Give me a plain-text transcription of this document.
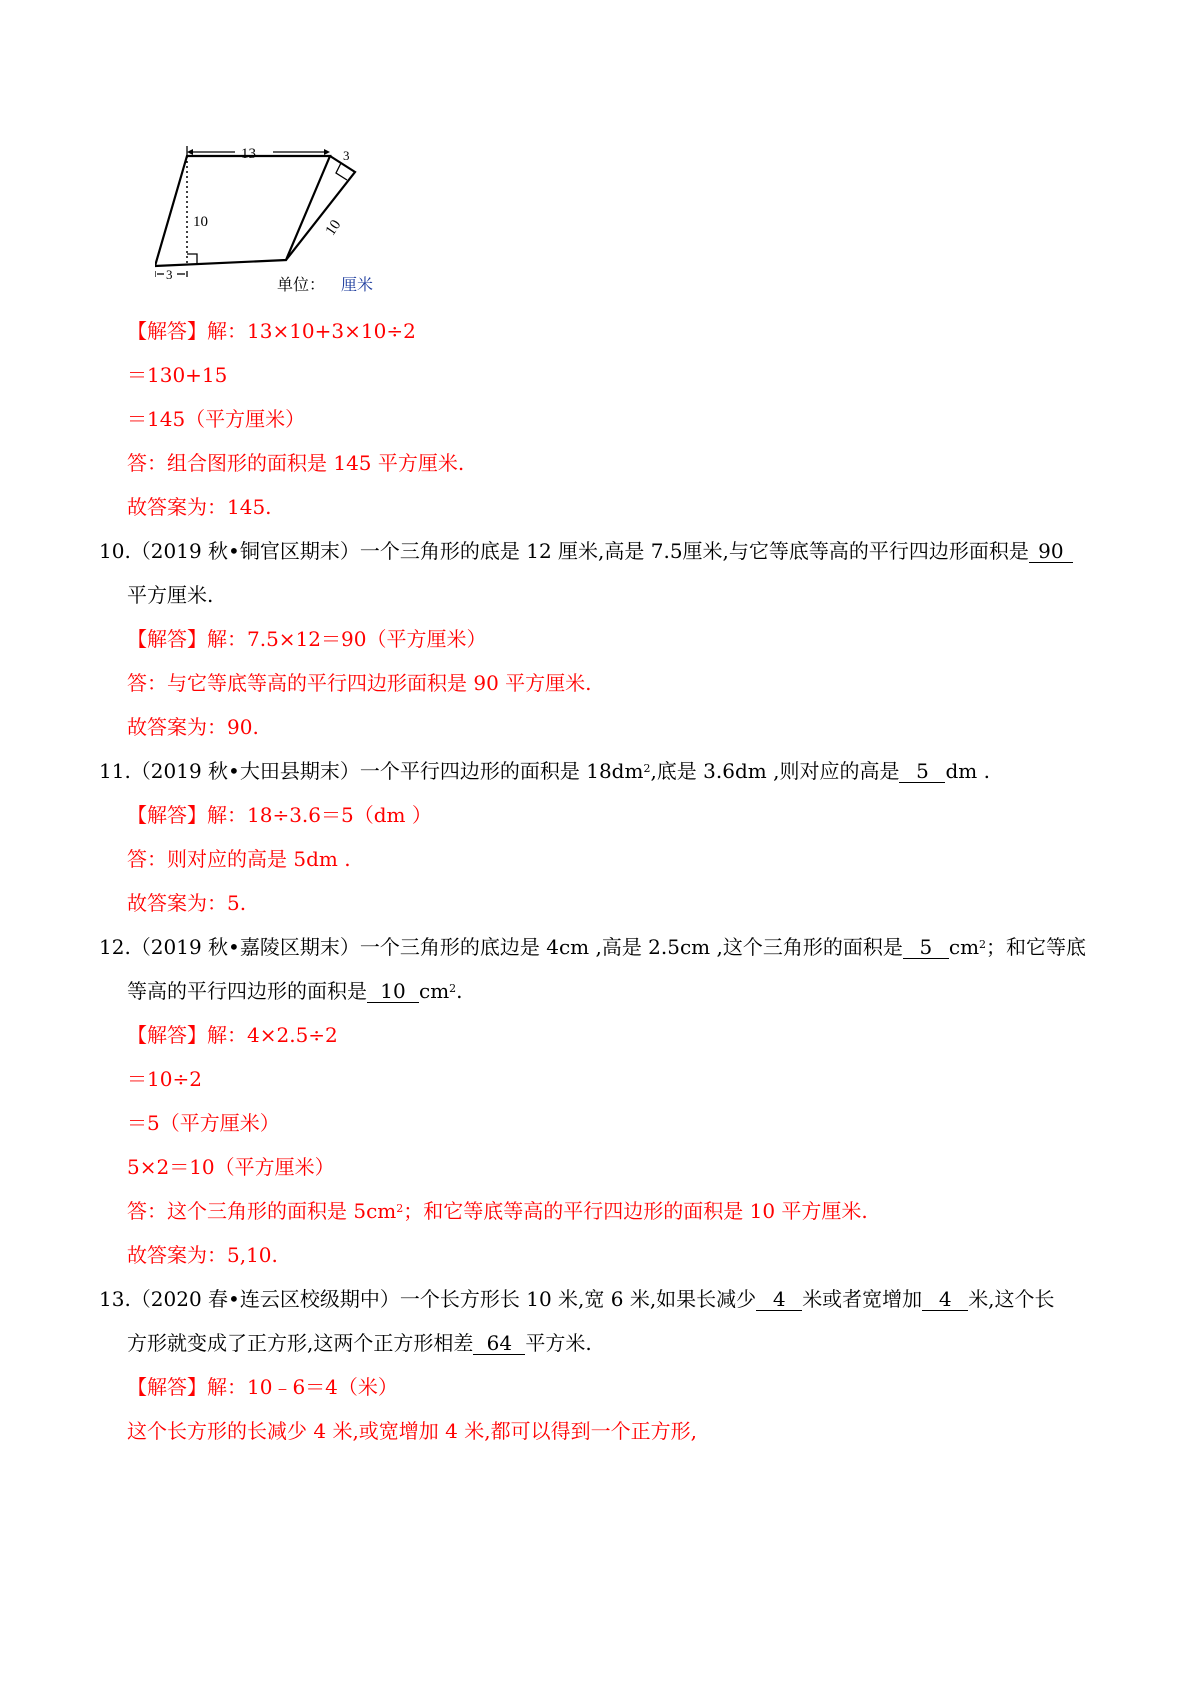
13
10	10
3
3
单位： 厘米
【解答】解：13×10+3×10÷2
＝130+15
＝145（平方厘米）
答：组合图形的面积是 145 平方厘米.
故答案为：145.
10.（2019 秋•铜官区期末）一个三角形的底是 12 厘米,高是 7.5厘米,与它等底等高的平行四边形面积是 90
平方厘米.
【解答】解：7.5×12＝90（平方厘米）
答：与它等底等高的平行四边形面积是 90 平方厘米.
故答案为：90.
11.（2019 秋•大田县期末）一个平行四边形的面积是 $18dm^2$,底是 3.6dm ,则对应的高是 5 dm .
【解答】解：18÷3.6＝5（dm ）
答：则对应的高是 5dm .
故答案为：5.
12.（2019 秋•嘉陵区期末）一个三角形的底边是 4cm ,高是 2.5cm ,这个三角形的面积是 5 $cm^2$；和它等底
等高的平行四边形的面积是 10 $cm^2$.
【解答】解：4×2.5÷2
＝10÷2
＝5（平方厘米）
5×2＝10（平方厘米）
答：这个三角形的面积是 $5cm^2$；和它等底等高的平行四边形的面积是 10 平方厘米.
故答案为：5,10.
13.（2020 春•连云区校级期中）一个长方形长 10 米,宽 6 米,如果长减少 4 米或者宽增加 4 米,这个长
方形就变成了正方形,这两个正方形相差 64 平方米.
【解答】解：10﹣6＝4（米）
这个长方形的长减少 4 米,或宽增加 4 米,都可以得到一个正方形,
